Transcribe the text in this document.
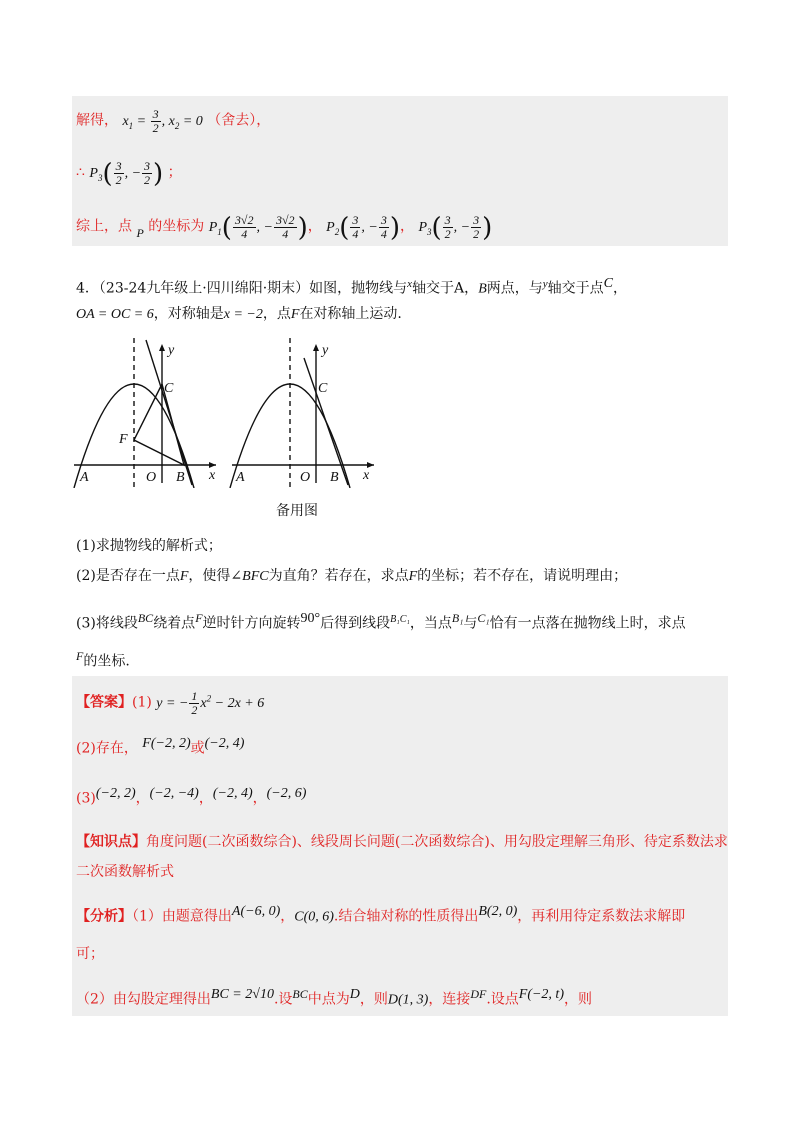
解得， $x_1 = \frac{3}{2}$ , $x_2 = 0$ （舍去），
∴ $P_3( \frac{3}{2}$ , − $\frac{3}{2}$ ) ；
综上，点 P 的坐标为 $P_1( \frac{3√2}{4}$ , − $\frac{3√2}{4}$ )， $P_2( \frac{3}{4}$ , − $\frac{3}{4}$ )， $P_3( \frac{3}{2}$ , − $\frac{3}{2}$ )
4．（23-24九年级上·四川绵阳·期末）如图，抛物线与$^x$轴交于A，B两点，与$^y$轴交于点C，
OA = OC = 6，对称轴是x = −2，点F在对称轴上运动.
A	O B x
y
C
F
A	O B x
y
C
备用图
(1)求抛物线的解析式；
(2)是否存在一点F，使得∠BFC为直角？若存在，求点F的坐标；若不存在，请说明理由；
(3)将线段BC绕着点F逆时针方向旋转90°后得到线段$^{B_1C_1}$，当点B₁与C₁恰有一点落在抛物线上时，求点
F的坐标.
【答案】(1) y = − $\frac{1}{2} x^2 - 2x + 6$
(2)存在， F(−2, 2)或(−2, 4)
(3)(−2, 2)，(−2, −4)，(−2, 4)，(−2, 6)
【知识点】角度问题(二次函数综合)、线段周长问题(二次函数综合)、用勾股定理解三角形、待定系数法求
二次函数解析式
【分析】（1）由题意得出A(−6, 0)，C(0, 6).结合轴对称的性质得出B(2, 0)，再利用待定系数法求解即
可；
（2）由勾股定理得出BC = 2√10.设BC中点为D，则D(1, 3)，连接DF.设点F(−2, t)，则
